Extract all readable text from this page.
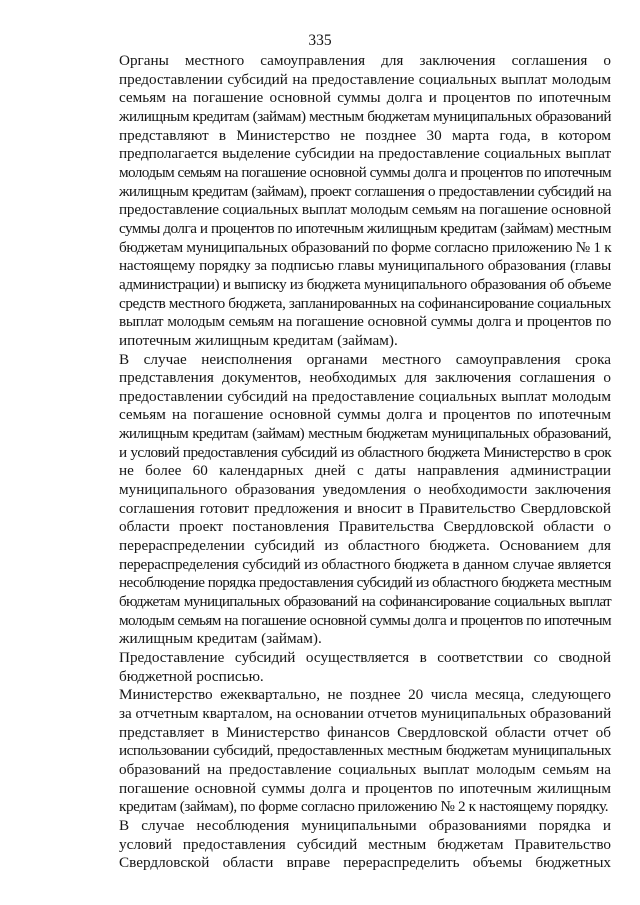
335

Органы местного самоуправления для заключения соглашения о
предоставлении субсидий на предоставление социальных выплат молодым
семьям на погашение основной суммы долга и процентов по ипотечным
жилищным кредитам (займам) местным бюджетам муниципальных образований
представляют в Министерство не позднее 30 марта года, в котором
предполагается выделение субсидии на предоставление социальных выплат
молодым семьям на погашение основной суммы долга и процентов по ипотечным
жилищным кредитам (займам), проект соглашения о предоставлении субсидий на
предоставление социальных выплат молодым семьям на погашение основной
суммы долга и процентов по ипотечным жилищным кредитам (займам) местным
бюджетам муниципальных образований по форме согласно приложению № 1 к
настоящему порядку за подписью главы муниципального образования (главы
администрации) и выписку из бюджета муниципального образования об объеме
средств местного бюджета, запланированных на софинансирование социальных
выплат молодым семьям на погашение основной суммы долга и процентов по
ипотечным жилищным кредитам (займам).

В случае неисполнения органами местного самоуправления срока
представления документов, необходимых для заключения соглашения о
предоставлении субсидий на предоставление социальных выплат молодым
семьям на погашение основной суммы долга и процентов по ипотечным
жилищным кредитам (займам) местным бюджетам муниципальных образований,
и условий предоставления субсидий из областного бюджета Министерство в срок
не более 60 календарных дней с даты направления администрации
муниципального образования уведомления о необходимости заключения
соглашения готовит предложения и вносит в Правительство Свердловской
области проект постановления Правительства Свердловской области о
перераспределении субсидий из областного бюджета. Основанием для
перераспределения субсидий из областного бюджета в данном случае является
несоблюдение порядка предоставления субсидий из областного бюджета местным
бюджетам муниципальных образований на софинансирование социальных выплат
молодым семьям на погашение основной суммы долга и процентов по ипотечным
жилищным кредитам (займам).

Предоставление субсидий осуществляется в соответствии со сводной
бюджетной росписью.

Министерство ежеквартально, не позднее 20 числа месяца, следующего
за отчетным кварталом, на основании отчетов муниципальных образований
представляет в Министерство финансов Свердловской области отчет об
использовании субсидий, предоставленных местным бюджетам муниципальных
образований на предоставление социальных выплат молодым семьям на
погашение основной суммы долга и процентов по ипотечным жилищным
кредитам (займам), по форме согласно приложению № 2 к настоящему порядку.

В случае несоблюдения муниципальными образованиями порядка и
условий предоставления субсидий местным бюджетам Правительство
Свердловской области вправе перераспределить объемы бюджетных
